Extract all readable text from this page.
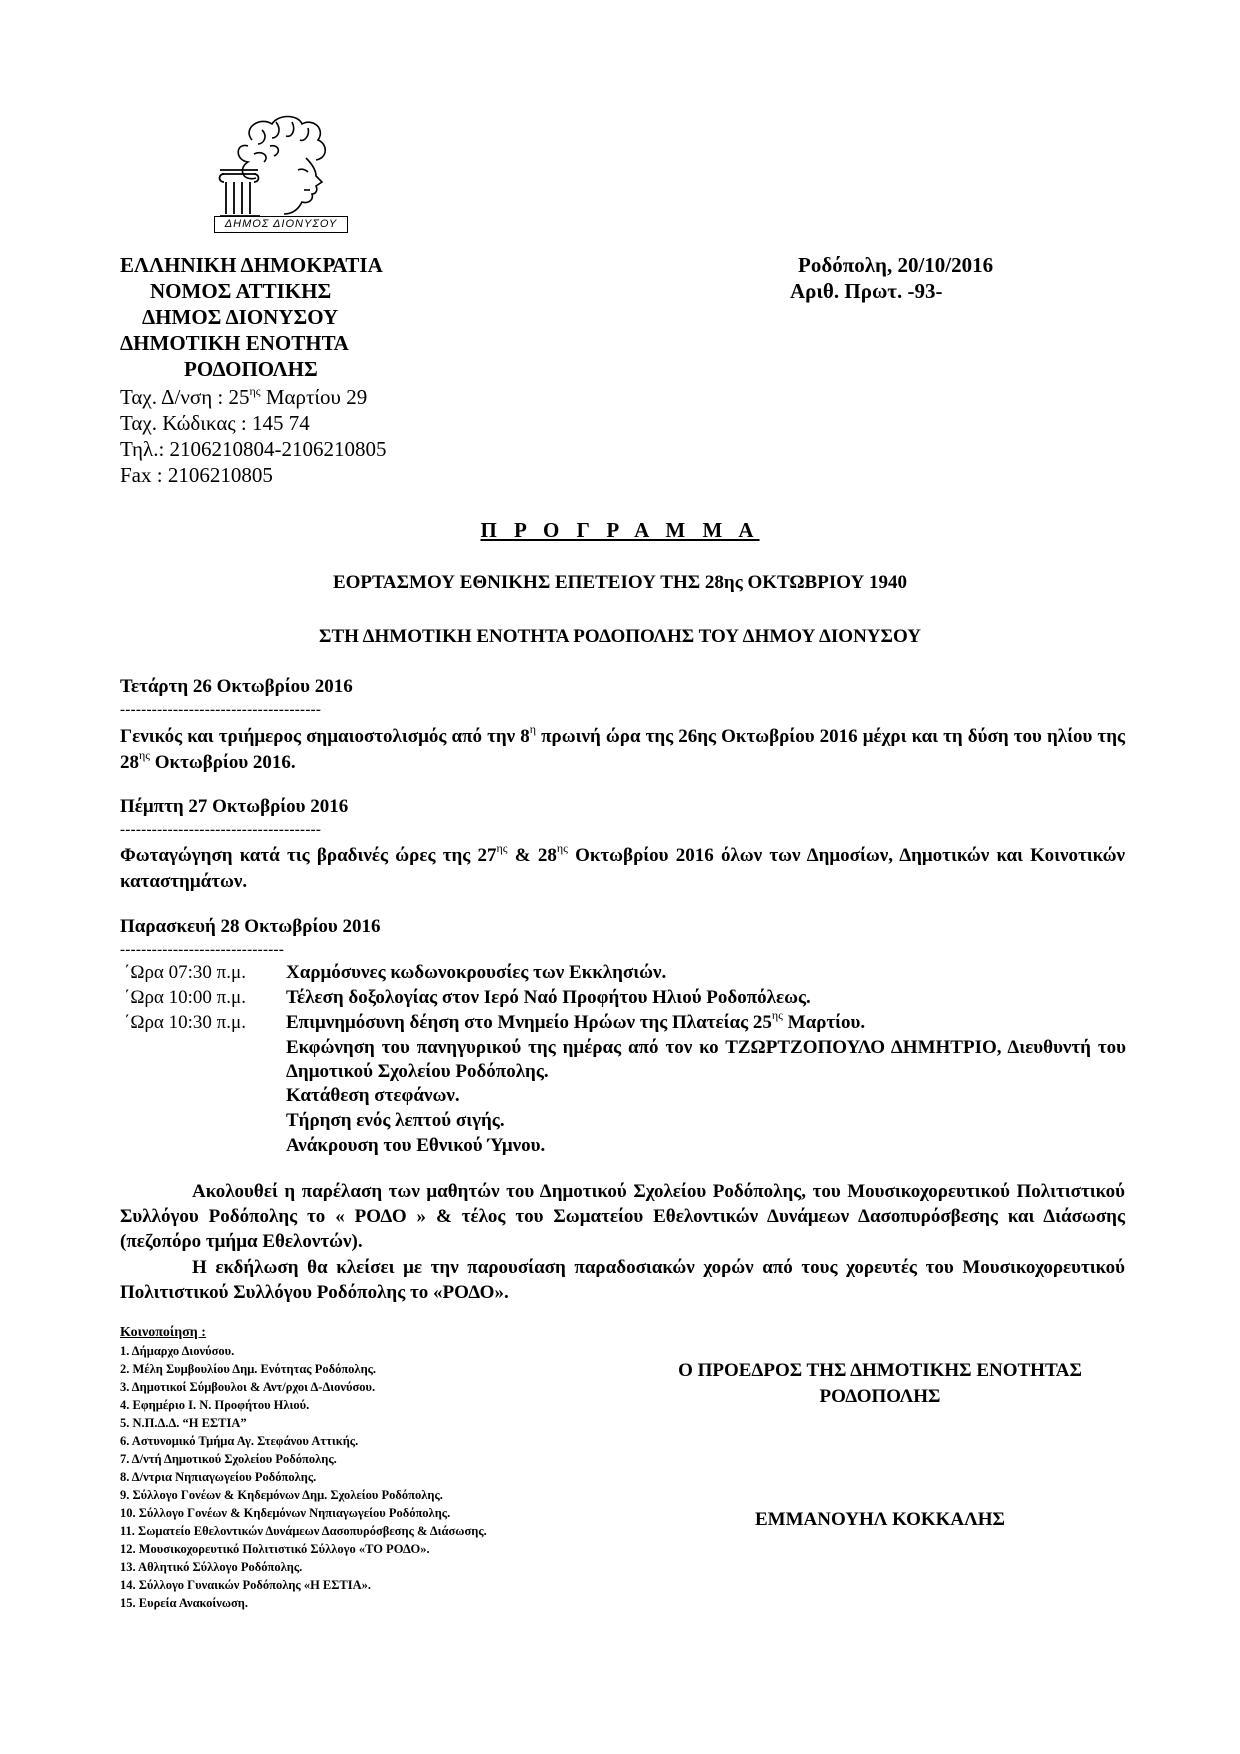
ΔΗΜΟΣ ΔΙΟΝΥΣΟΥ
ΕΛΛΗΝΙΚΗ ΔΗΜΟΚΡΑΤΙΑ
ΝΟΜΟΣ ΑΤΤΙΚΗΣ
ΔΗΜΟΣ ΔΙΟΝΥΣΟΥ
ΔΗΜΟΤΙΚΗ ΕΝΟΤΗΤΑ
ΡΟΔΟΠΟΛΗΣ
Ταχ. Δ/νση : $25^{\eta\varsigma}$ Μαρτίου 29
Ταχ. Κώδικας : 145 74
Τηλ.: 2106210804-2106210805
Fax : 2106210805
Ροδόπολη, 20/10/2016
Αριθ. Πρωτ. -93-
Π Ρ Ο Γ Ρ Α Μ Μ Α
ΕΟΡΤΑΣΜΟΥ ΕΘΝΙΚΗΣ ΕΠΕΤΕΙΟΥ ΤΗΣ 28ης ΟΚΤΩΒΡΙΟΥ 1940
ΣΤΗ ΔΗΜΟΤΙΚΗ ΕΝΟΤΗΤΑ ΡΟΔΟΠΟΛΗΣ ΤΟΥ ΔΗΜΟΥ ΔΙΟΝΥΣΟΥ
Τετάρτη 26 Οκτωβρίου 2016
--------------------------------------
Γενικός και τριήμερος σημαιοστολισμός από την $8^\eta$ πρωινή ώρα της 26ης Οκτωβρίου 2016 μέχρι και τη δύση του ηλίου της $28^{\eta\varsigma}$ Οκτωβρίου 2016.
Πέμπτη 27 Οκτωβρίου 2016
--------------------------------------
Φωταγώγηση κατά τις βραδινές ώρες της $27^{\eta\varsigma}$ & $28^{\eta\varsigma}$ Οκτωβρίου 2016 όλων των Δημοσίων, Δημοτικών και Κοινοτικών καταστημάτων.
Παρασκευή 28 Οκτωβρίου 2016
-------------------------------
΄Ωρα 07:30 π.μ. Χαρμόσυνες κωδωνοκρουσίες των Εκκλησιών.
΄Ωρα 10:00 π.μ. Τέλεση δοξολογίας στον Ιερό Ναό Προφήτου Ηλιού Ροδοπόλεως.
΄Ωρα 10:30 π.μ. Επιμνημόσυνη δέηση στο Μνημείο Ηρώων της Πλατείας $25^{\eta\varsigma}$ Μαρτίου.
Εκφώνηση του πανηγυρικού της ημέρας από τον κο ΤΖΩΡΤΖΟΠΟΥΛΟ ΔΗΜΗΤΡΙΟ, Διευθυντή του Δημοτικού Σχολείου Ροδόπολης.
Κατάθεση στεφάνων.
Τήρηση ενός λεπτού σιγής.
Ανάκρουση του Εθνικού Ύμνου.
Ακολουθεί η παρέλαση των μαθητών του Δημοτικού Σχολείου Ροδόπολης, του Μουσικοχορευτικού Πολιτιστικού Συλλόγου Ροδόπολης το « ΡΟΔΟ » & τέλος του Σωματείου Εθελοντικών Δυνάμεων Δασοπυρόσβεσης και Διάσωσης (πεζοπόρο τμήμα Εθελοντών).
Η εκδήλωση θα κλείσει με την παρουσίαση παραδοσιακών χορών από τους χορευτές του Μουσικοχορευτικού Πολιτιστικού Συλλόγου Ροδόπολης το «ΡΟΔΟ».
Κοινοποίηση :
1. Δήμαρχο Διονύσου.
2. Μέλη Συμβουλίου Δημ. Ενότητας Ροδόπολης.
3. Δημοτικοί Σύμβουλοι & Αντ/ρχοι Δ-Διονύσου.
4. Εφημέριο Ι. Ν. Προφήτου Ηλιού.
5. Ν.Π.Δ.Δ. “Η ΕΣΤΙΑ”
6. Αστυνομικό Τμήμα Αγ. Στεφάνου Αττικής.
7. Δ/ντή Δημοτικού Σχολείου Ροδόπολης.
8. Δ/ντρια Νηπιαγωγείου Ροδόπολης.
9. Σύλλογο Γονέων & Κηδεμόνων Δημ. Σχολείου Ροδόπολης.
10. Σύλλογο Γονέων & Κηδεμόνων Νηπιαγωγείου Ροδόπολης.
11. Σωματείο Εθελοντικών Δυνάμεων Δασοπυρόσβεσης & Διάσωσης.
12. Μουσικοχορευτικό Πολιτιστικό Σύλλογο «ΤΟ ΡΟΔΟ».
13. Αθλητικό Σύλλογο Ροδόπολης.
14. Σύλλογο Γυναικών Ροδόπολης «Η ΕΣΤΙΑ».
15. Ευρεία Ανακοίνωση.
Ο ΠΡΟΕΔΡΟΣ ΤΗΣ ΔΗΜΟΤΙΚΗΣ ΕΝΟΤΗΤΑΣ
ΡΟΔΟΠΟΛΗΣ
ΕΜΜΑΝΟΥΗΛ ΚΟΚΚΑΛΗΣ
